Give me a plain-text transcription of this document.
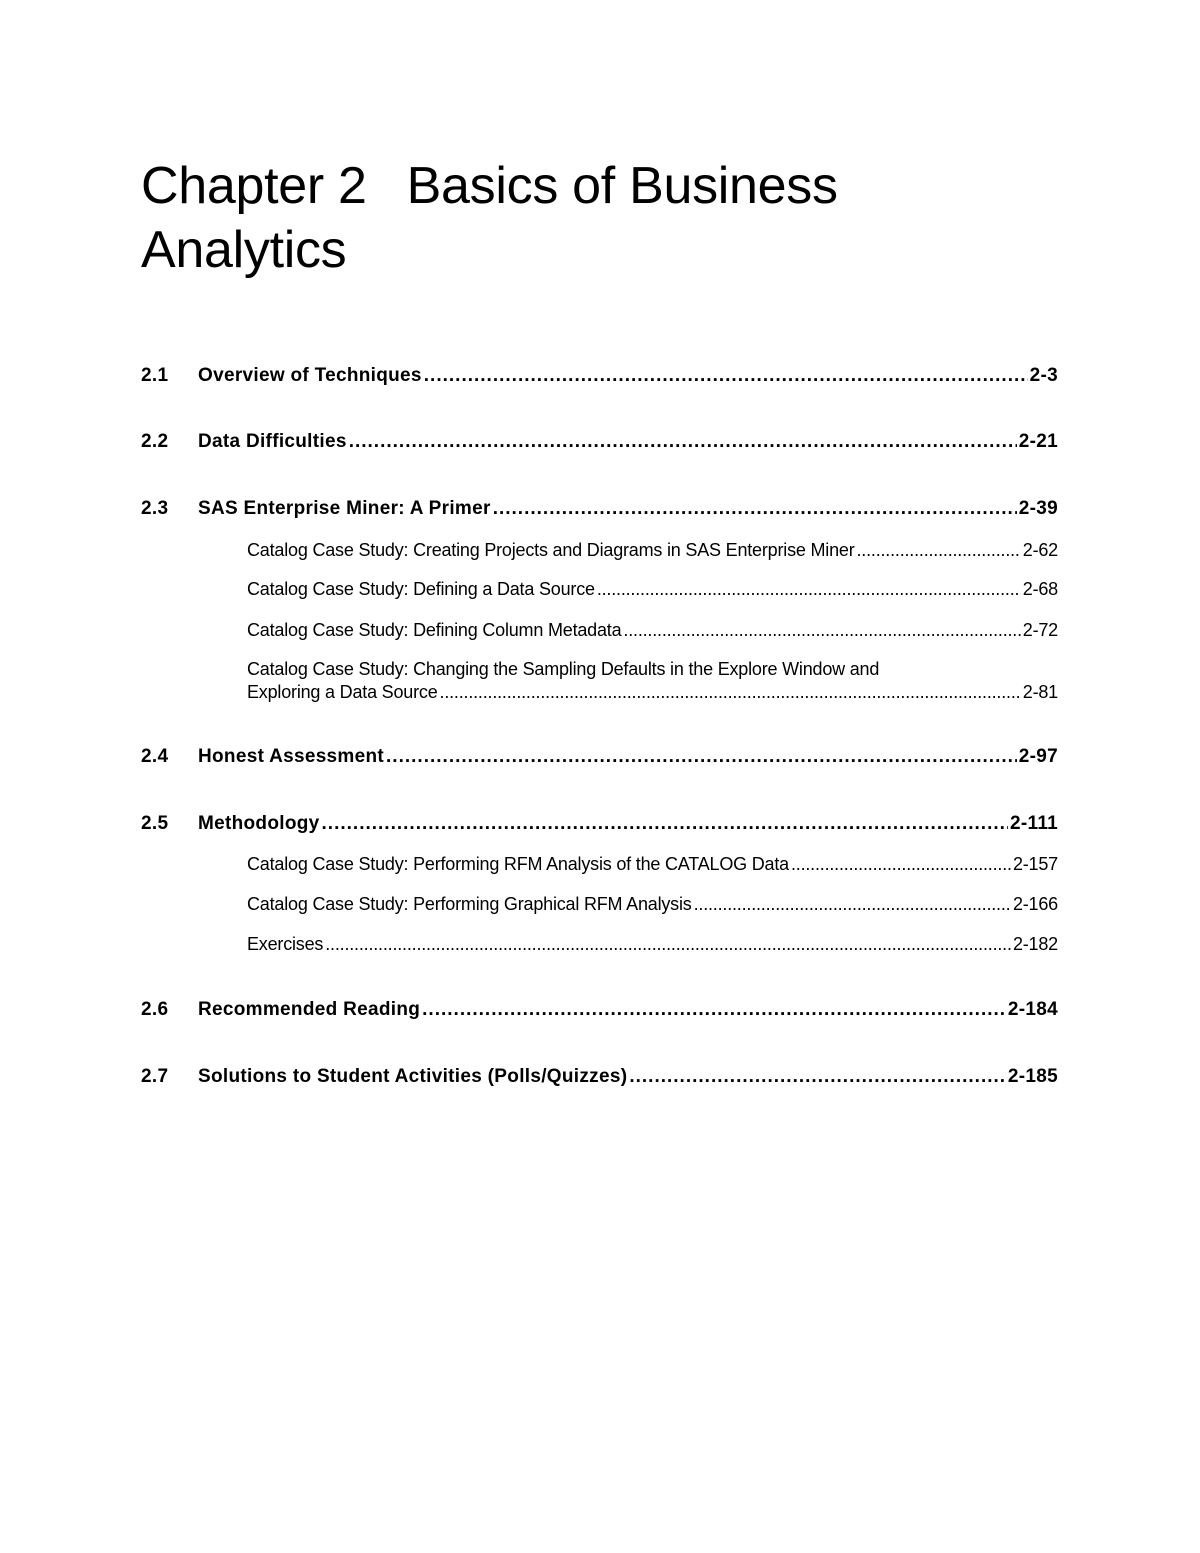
Chapter 2 Basics of Business
Analytics
2.1	Overview of Techniques .....	2-3
2.2	Data Difficulties .....	2-21
2.3	SAS Enterprise Miner: A Primer .....	2-39
Catalog Case Study: Creating Projects and Diagrams in SAS Enterprise Miner .....	2-62
Catalog Case Study: Defining a Data Source .....	2-68
Catalog Case Study: Defining Column Metadata .....	2-72
Catalog Case Study: Changing the Sampling Defaults in the Explore Window and
Exploring a Data Source .....	2-81
2.4	Honest Assessment .....	2-97
2.5	Methodology .....	2-111
Catalog Case Study: Performing RFM Analysis of the CATALOG Data .....	2-157
Catalog Case Study: Performing Graphical RFM Analysis .....	2-166
Exercises .....	2-182
2.6	Recommended Reading .....	2-184
2.7	Solutions to Student Activities (Polls/Quizzes) .....	2-185
